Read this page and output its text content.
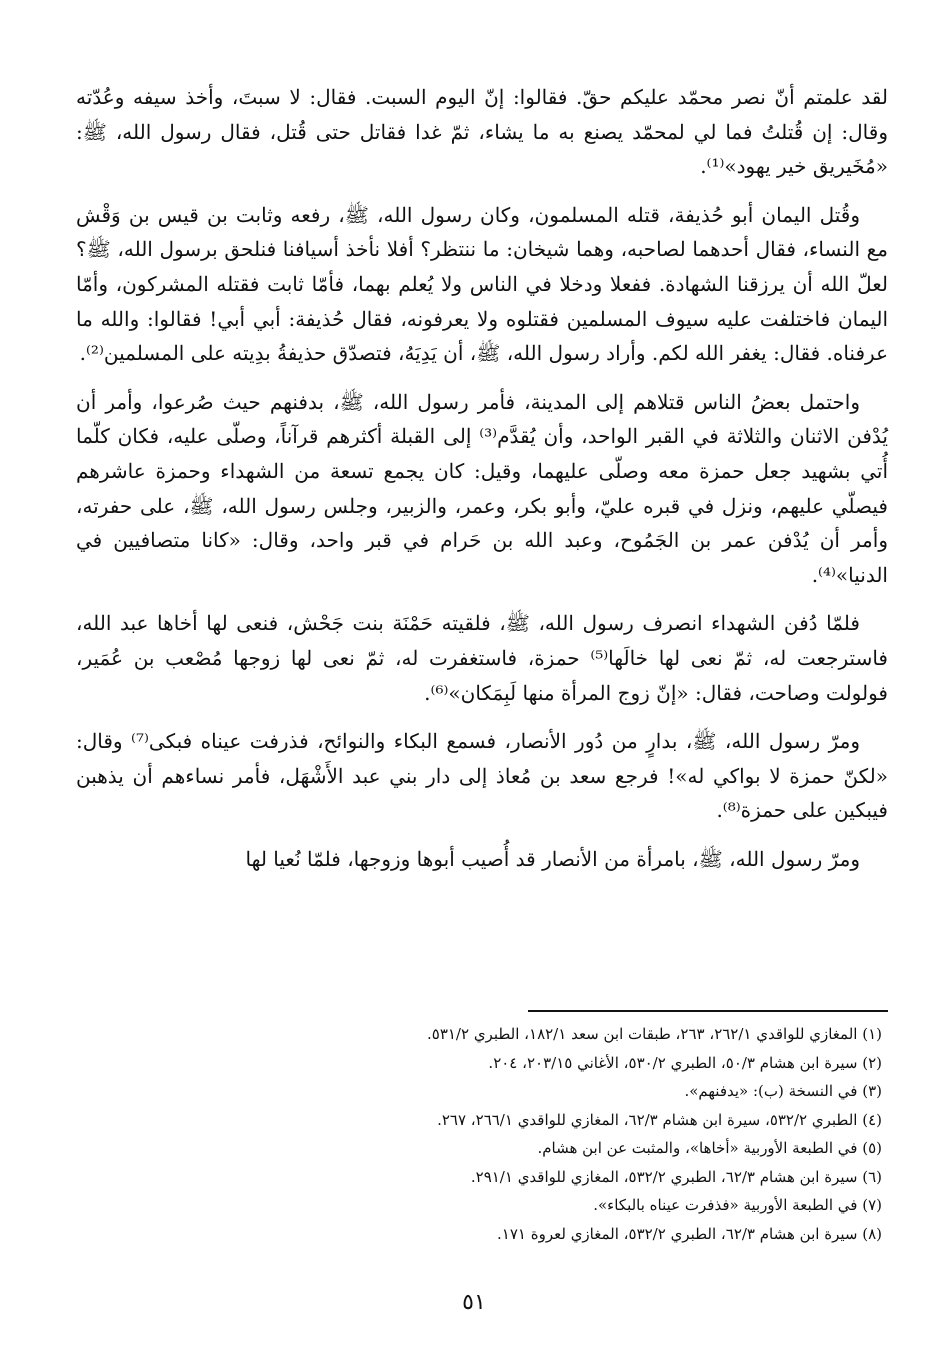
لقد علمتم أنّ نصر محمّد عليكم حقّ. فقالوا: إنّ اليوم السبت. فقال: لا سبتَ، وأخذ سيفه وعُدّته وقال: إن قُتلتُ فما لي لمحمّد يصنع به ما يشاء، ثمّ غدا فقاتل حتى قُتل، فقال رسول الله، ﷺ: «مُخَيريق خير يهود»⁽¹⁾.

وقُتل اليمان أبو حُذيفة، قتله المسلمون، وكان رسول الله، ﷺ، رفعه وثابت بن قيس بن وَقْش مع النساء، فقال أحدهما لصاحبه، وهما شيخان: ما ننتظر؟ أفلا نأخذ أسيافنا فنلحق برسول الله، ﷺ؟ لعلّ الله أن يرزقنا الشهادة. ففعلا ودخلا في الناس ولا يُعلم بهما، فأمّا ثابت فقتله المشركون، وأمّا اليمان فاختلفت عليه سيوف المسلمين فقتلوه ولا يعرفونه، فقال حُذيفة: أبي أبي! فقالوا: والله ما عرفناه. فقال: يغفر الله لكم. وأراد رسول الله، ﷺ، أن يَدِيَهُ، فتصدّق حذيفةُ بدِيته على المسلمين⁽²⁾.

واحتمل بعضُ الناس قتلاهم إلى المدينة، فأمر رسول الله، ﷺ، بدفنهم حيث صُرعوا، وأمر أن يُدْفن الاثنان والثلاثة في القبر الواحد، وأن يُقدَّم⁽³⁾ إلى القبلة أكثرهم قرآناً، وصلّى عليه، فكان كلّما أُتي بشهيد جعل حمزة معه وصلّى عليهما، وقيل: كان يجمع تسعة من الشهداء وحمزة عاشرهم فيصلّي عليهم، ونزل في قبره عليّ، وأبو بكر، وعمر، والزبير، وجلس رسول الله، ﷺ، على حفرته، وأمر أن يُدْفن عمر بن الجَمُوح، وعبد الله بن حَرام في قبر واحد، وقال: «كانا متصافيين في الدنيا»⁽⁴⁾.

فلمّا دُفن الشهداء انصرف رسول الله، ﷺ، فلقيته حَمْنَة بنت جَحْش، فنعى لها أخاها عبد الله، فاسترجعت له، ثمّ نعى لها خالَها⁽⁵⁾ حمزة، فاستغفرت له، ثمّ نعى لها زوجها مُصْعب بن عُمَير، فولولت وصاحت، فقال: «إنّ زوج المرأة منها لَبِمَكان»⁽⁶⁾.

ومرّ رسول الله، ﷺ، بدارٍ من دُور الأنصار، فسمع البكاء والنوائح، فذرفت عيناه فبكى⁽⁷⁾ وقال: «لكنّ حمزة لا بواكي له»! فرجع سعد بن مُعاذ إلى دار بني عبد الأَشْهَل، فأمر نساءهم أن يذهبن فيبكين على حمزة⁽⁸⁾.

ومرّ رسول الله، ﷺ، بامرأة من الأنصار قد أُصيب أبوها وزوجها، فلمّا نُعيا لها

(١) المغازي للواقدي ٢٦٢/١، ٢٦٣، طبقات ابن سعد ١٨٢/١، الطبري ٥٣١/٢.

(٢) سيرة ابن هشام ٥٠/٣، الطبري ٥٣٠/٢، الأغاني ٢٠٣/١٥، ٢٠٤.

(٣) في النسخة (ب): «يدفنهم».

(٤) الطبري ٥٣٢/٢، سيرة ابن هشام ٦٢/٣، المغازي للواقدي ٢٦٦/١، ٢٦٧.

(٥) في الطبعة الأوربية «أخاها»، والمثبت عن ابن هشام.

(٦) سيرة ابن هشام ٦٢/٣، الطبري ٥٣٢/٢، المغازي للواقدي ٢٩١/١.

(٧) في الطبعة الأوربية «فذفرت عيناه بالبكاء».

(٨) سيرة ابن هشام ٦٢/٣، الطبري ٥٣٢/٢، المغازي لعروة ١٧١.

٥١
